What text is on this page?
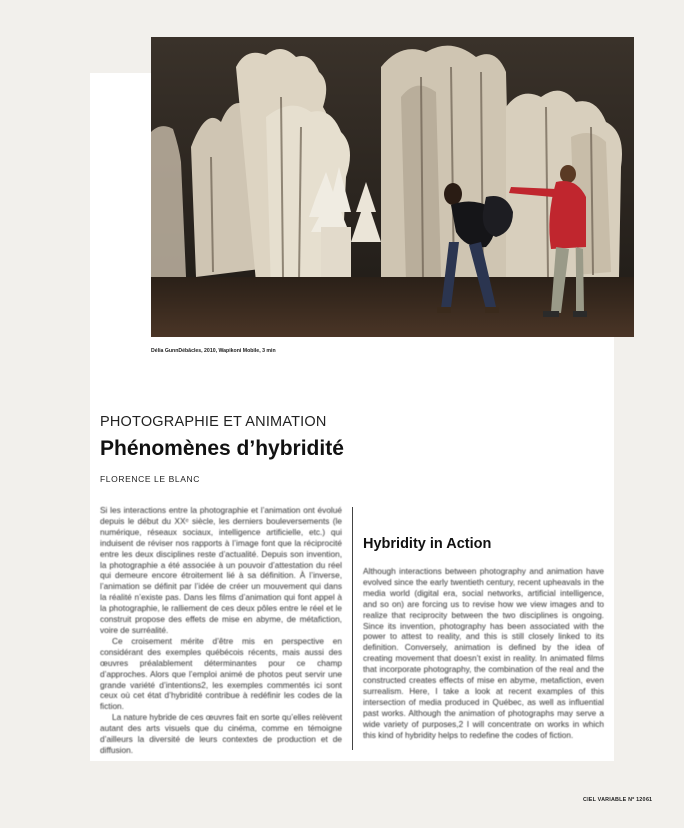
Délia GunnDébâcles, 2010, Wapikoni Mobile, 3 min
PHOTOGRAPHIE ET ANIMATION
Phénomènes d’hybridité
FLORENCE LE BLANC

Si les interactions entre la photographie et l’animation ont évolué depuis le début du XXᵉ siècle, les derniers bouleversements (le numérique, réseaux sociaux, intelligence artificielle, etc.) qui induisent de réviser nos rapports à l’image font que la réciprocité entre les deux disciplines reste d’actualité. Depuis son invention, la photographie a été associée à un pouvoir d’attestation du réel qui demeure encore étroitement lié à sa définition. À l’inverse, l’animation se définit par l’idée de créer un mouvement qui dans la réalité n’existe pas. Dans les films d’animation qui font appel à la photographie, le ralliement de ces deux pôles entre le réel et le construit propose des effets de mise en abyme, de métafiction, voire de surréalité.

Ce croisement mérite d’être mis en perspective en considérant des exemples québécois récents, mais aussi des œuvres préalablement déterminantes pour ce champ d’approches. Alors que l’emploi animé de photos peut servir une grande variété d’intentions2, les exemples commentés ici sont ceux où cet état d’hybridité contribue à redéfinir les codes de la fiction.

La nature hybride de ces œuvres fait en sorte qu’elles relèvent autant des arts visuels que du cinéma, comme en témoigne d’ailleurs la diversité de leurs contextes de production et de diffusion.

Hybridity in Action

Although interactions between photography and animation have evolved since the early twentieth century, recent upheavals in the media world (digital era, social networks, artificial intelligence, and so on) are forcing us to revise how we view images and to realize that reciprocity between the two disciplines is ongoing. Since its invention, photography has been associated with the power to attest to reality, and this is still closely linked to its definition. Conversely, animation is defined by the idea of creating movement that doesn’t exist in reality. In animated films that incorporate photography, the combination of the real and the constructed creates effects of mise en abyme, metafiction, even surrealism. Here, I take a look at recent examples of this intersection of media produced in Québec, as well as influential past works. Although the animation of photographs may serve a wide variety of purposes,2 I will concentrate on works in which this kind of hybridity helps to redefine the codes of fiction.

CIEL VARIABLE Nº 120 61
